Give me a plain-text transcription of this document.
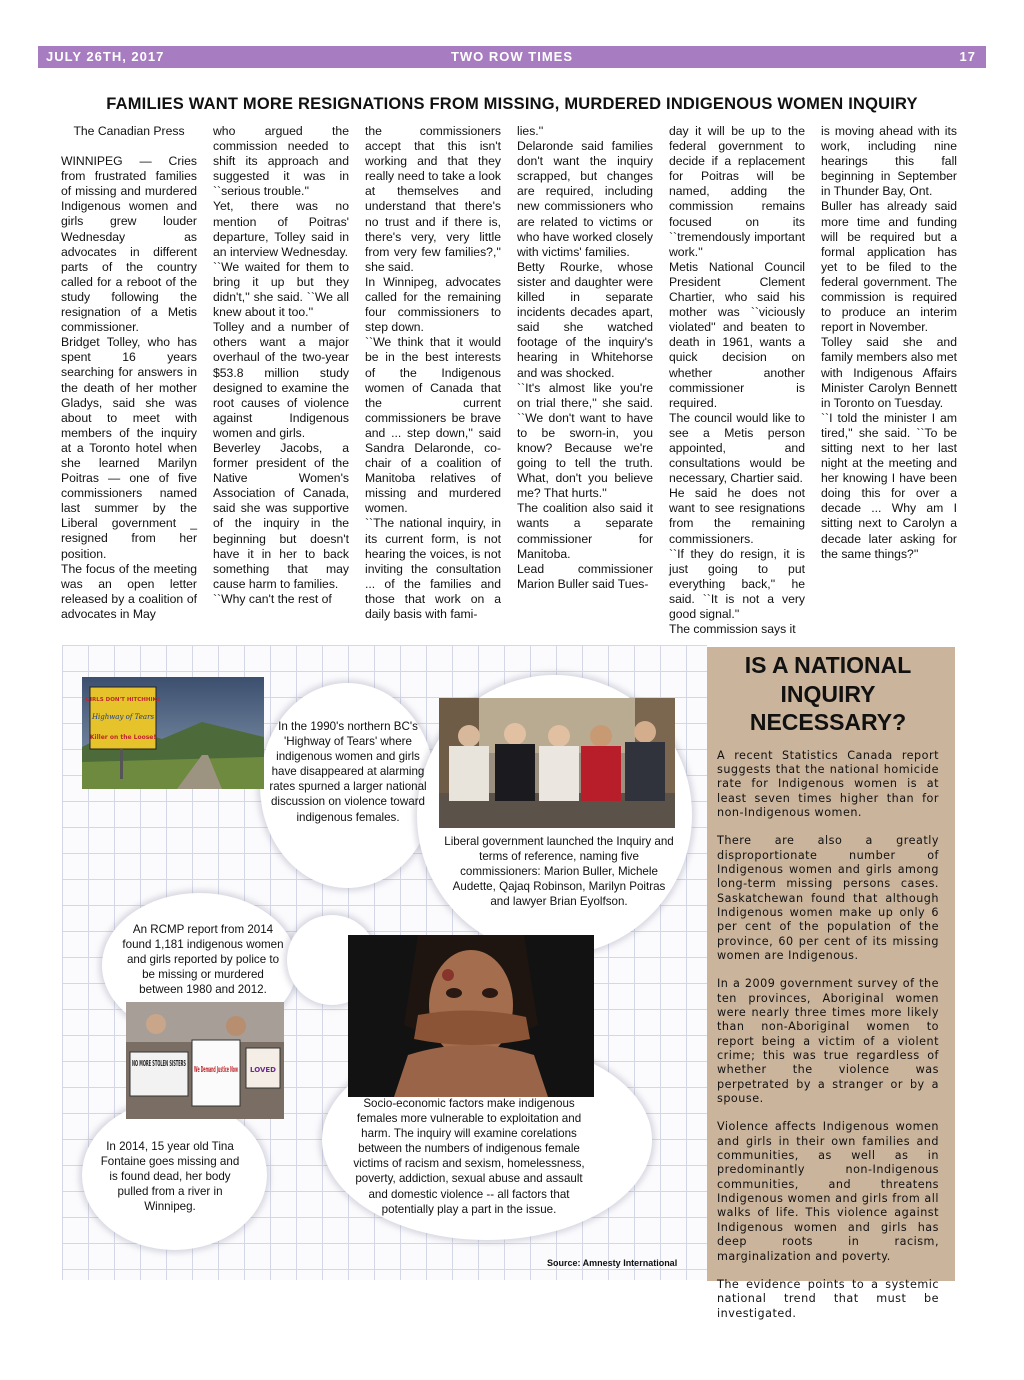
JULY 26TH, 2017	TWO ROW TIMES	17
FAMILIES WANT MORE RESIGNATIONS FROM MISSING, MURDERED INDIGENOUS WOMEN INQUIRY

The Canadian Press

WINNIPEG — Cries from frustrated families of missing and murdered Indigenous women and girls grew louder Wednesday as advocates in different parts of the country called for a reboot of the study following the resignation of a Metis commissioner.

Bridget Tolley, who has spent 16 years searching for answers in the death of her mother Gladys, said she was about to meet with members of the inquiry at a Toronto hotel when she learned Marilyn Poitras — one of five commissioners named last summer by the Liberal government _ resigned from her position.

The focus of the meeting was an open letter released by a coalition of advocates in May

who argued the commission needed to shift its approach and suggested it was in ``serious trouble.''

Yet, there was no mention of Poitras' departure, Tolley said in an interview Wednesday.

``We waited for them to bring it up but they didn't,'' she said. ``We all knew about it too.''

Tolley and a number of others want a major overhaul of the two-year $53.8 million study designed to examine the root causes of violence against Indigenous women and girls.

Beverley Jacobs, a former president of the Native Women's Association of Canada, said she was supportive of the inquiry in the beginning but doesn't have it in her to back something that may cause harm to families.

``Why can't the rest of

the commissioners accept that this isn't working and that they really need to take a look at themselves and understand that there's no trust and if there is, there's very, very little from very few families?,'' she said.

In Winnipeg, advocates called for the remaining four commissioners to step down.

``We think that it would be in the best interests of the Indigenous women of Canada that the current commissioners be brave and ... step down,'' said Sandra Delaronde, co-chair of a coalition of Manitoba relatives of missing and murdered women.

``The national inquiry, in its current form, is not hearing the voices, is not inviting the consultation ... of the families and those that work on a daily basis with fami-

lies.''

Delaronde said families don't want the inquiry scrapped, but changes are required, including new commissioners who are related to victims or who have worked closely with victims' families.

Betty Rourke, whose sister and daughter were killed in separate incidents decades apart, said she watched footage of the inquiry's hearing in Whitehorse and was shocked.

``It's almost like you're on trial there,'' she said. ``We don't want to have to be sworn-in, you know? Because we're going to tell the truth. What, don't you believe me? That hurts.''

The coalition also said it wants a separate commissioner for Manitoba.

Lead commissioner Marion Buller said Tues-

day it will be up to the federal government to decide if a replacement for Poitras will be named, adding the commission remains focused on its ``tremendously important work.''

Metis National Council President Clement Chartier, who said his mother was ``viciously violated'' and beaten to death in 1961, wants a quick decision on whether another commissioner is required.

The council would like to see a Metis person appointed, and consultations would be necessary, Chartier said.

He said he does not want to see resignations from the remaining commissioners.

``If they do resign, it is just going to put everything back,'' he said. ``It is not a very good signal.''

The commission says it

is moving ahead with its work, including nine hearings this fall beginning in September in Thunder Bay, Ont.

Buller has already said more time and funding will be required but a formal application has yet to be filed to the federal government. The commission is required to produce an interim report in November.

Tolley said she and family members also met with Indigenous Affairs Minister Carolyn Bennett in Toronto on Tuesday.

``I told the minister I am tired,'' she said. ``To be sitting next to her last night at the meeting and her knowing I have been doing this for over a decade ... Why am I sitting next to Carolyn a decade later asking for the same things?''

GIRLS DON'T HITCHHIKE
Highway of Tears
Killer on the Loose!
NO MORE STOLEN SISTERS
We Demand Justice Now LOVED
In the 1990's northern BC's 'Highway of Tears' where indigenous women and girls have disappeared at alarming rates spurned a larger national discussion on violence toward indigenous females.
Liberal government launched the Inquiry and terms of reference, naming five commissioners: Marion Buller, Michele Audette, Qajaq Robinson, Marilyn Poitras and lawyer Brian Eyolfson.
An RCMP report from 2014 found 1,181 indigenous women and girls reported by police to be missing or murdered between 1980 and 2012.
In 2014, 15 year old Tina Fontaine goes missing and is found dead, her body pulled from a river in Winnipeg.
Socio-economic factors make indigenous females more vulnerable to exploitation and harm. The inquiry will examine corelations between the numbers of indigenous female victims of racism and sexism, homelessness, poverty, addiction, sexual abuse and assault and domestic violence -- all factors that potentially play a part in the issue.
Source: Amnesty International
IS A NATIONAL INQUIRY NECESSARY?

A recent Statistics Canada report suggests that the national homicide rate for Indigenous women is at least seven times higher than for non-Indigenous women.

There are also a greatly disproportionate number of Indigenous women and girls among long-term missing persons cases. Saskatchewan found that although Indigenous women make up only 6 per cent of the population of the province, 60 per cent of its missing women are Indigenous.

In a 2009 government survey of the ten provinces, Aboriginal women were nearly three times more likely than non-Aboriginal women to report being a victim of a violent crime; this was true regardless of whether the violence was perpetrated by a stranger or by a spouse.

Violence affects Indigenous women and girls in their own families and communities, as well as in predominantly non-Indigenous communities, and threatens Indigenous women and girls from all walks of life. This violence against Indigenous women and girls has deep roots in racism, marginalization and poverty.

The evidence points to a systemic national trend that must be investigated.
